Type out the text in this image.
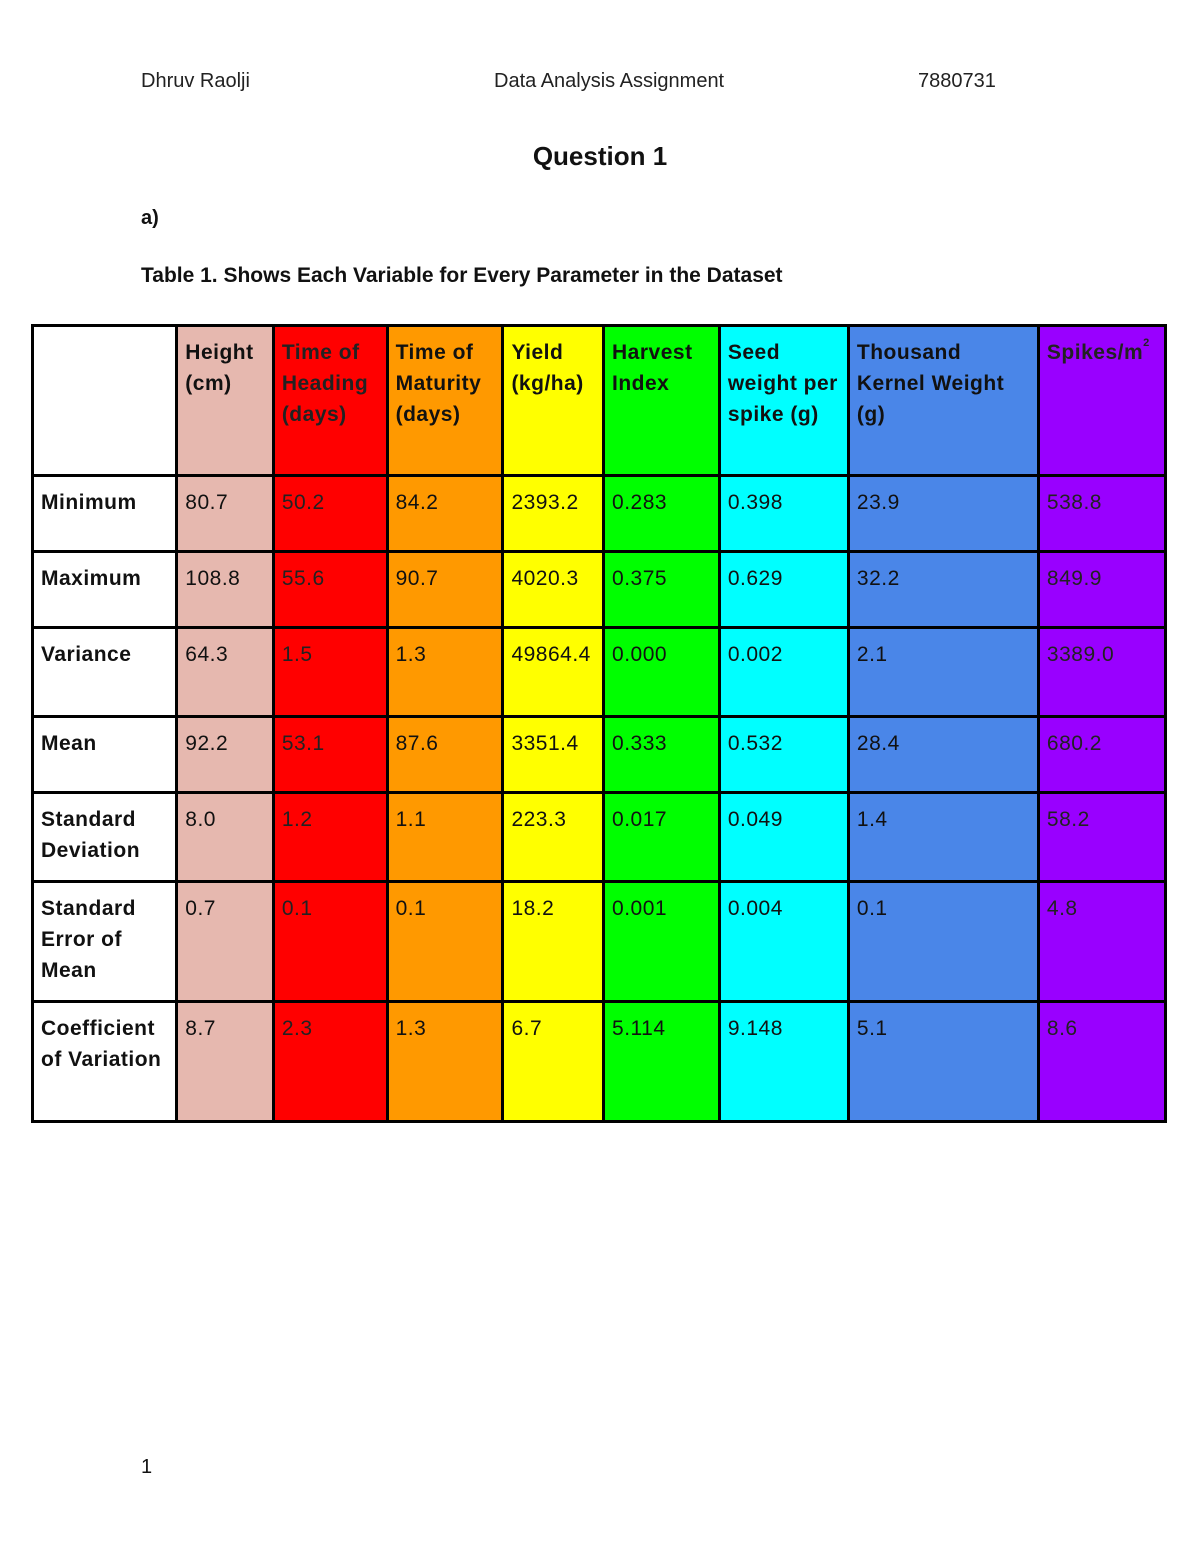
Dhruv Raolji	Data Analysis Assignment	7880731
Question 1
a)
Table 1. Shows Each Variable for Every Parameter in the Dataset
	Height (cm)	Time of Heading (days)	Time of Maturity (days)	Yield (kg/ha)	Harvest Index	Seed weight per spike (g)	Thousand Kernel Weight (g)	Spikes/$m^2$
Minimum	80.7	50.2	84.2	2393.2	0.283	0.398	23.9	538.8
Maximum	108.8	55.6	90.7	4020.3	0.375	0.629	32.2	849.9
Variance	64.3	1.5	1.3	49864.4	0.000	0.002	2.1	3389.0
Mean	92.2	53.1	87.6	3351.4	0.333	0.532	28.4	680.2
Standard Deviation	8.0	1.2	1.1	223.3	0.017	0.049	1.4	58.2
Standard Error of Mean	0.7	0.1	0.1	18.2	0.001	0.004	0.1	4.8
Coefficient of Variation	8.7	2.3	1.3	6.7	5.114	9.148	5.1	8.6
1
